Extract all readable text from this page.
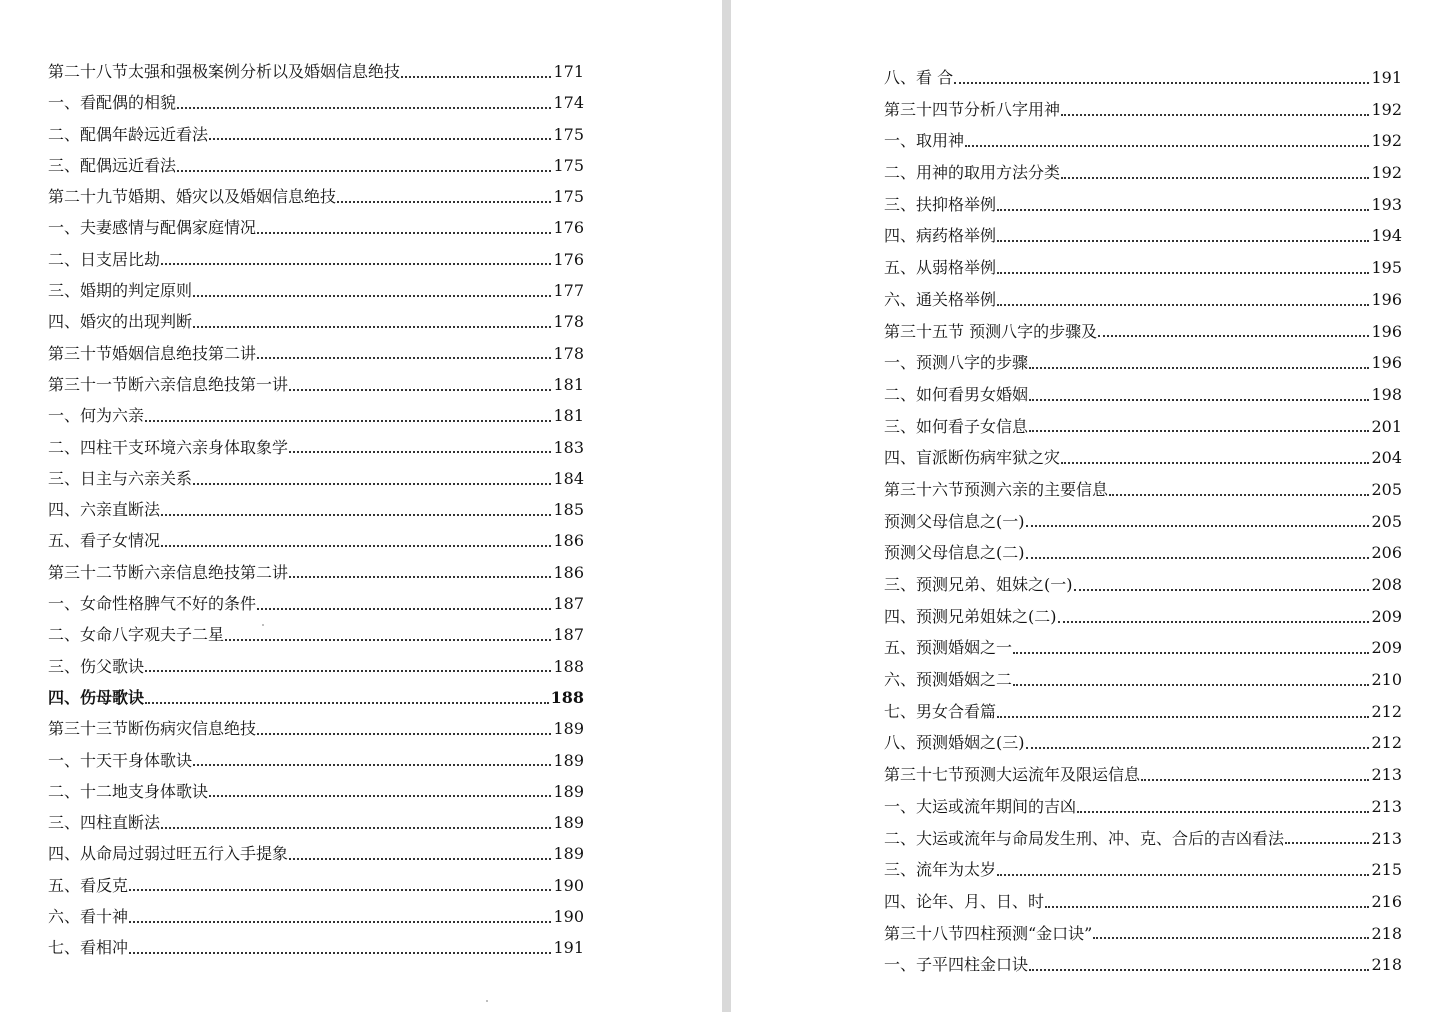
第二十八节太强和强极案例分析以及婚姻信息绝技	171
一、看配偶的相貌	174
二、配偶年龄远近看法	175
三、配偶远近看法	175
第二十九节婚期、婚灾以及婚姻信息绝技	175
一、夫妻感情与配偶家庭情况	176
二、日支居比劫	176
三、婚期的判定原则	177
四、婚灾的出现判断	178
第三十节婚姻信息绝技第二讲	178
第三十一节断六亲信息绝技第一讲	181
一、何为六亲	181
二、四柱干支环境六亲身体取象学	183
三、日主与六亲关系	184
四、六亲直断法	185
五、看子女情况	186
第三十二节断六亲信息绝技第二讲	186
一、女命性格脾气不好的条件	187
二、女命八字观夫子二星	187
三、伤父歌诀	188
四、伤母歌诀	188
第三十三节断伤病灾信息绝技	189
一、十天干身体歌诀	189
二、十二地支身体歌诀	189
三、四柱直断法	189
四、从命局过弱过旺五行入手提象	189
五、看反克	190
六、看十神	190
七、看相冲	191
八、看 合	191
第三十四节分析八字用神	192
一、取用神	192
二、用神的取用方法分类	192
三、扶抑格举例	193
四、病药格举例	194
五、从弱格举例	195
六、通关格举例	196
第三十五节 预测八字的步骤及	196
一、预测八字的步骤	196
二、如何看男女婚姻	198
三、如何看子女信息	201
四、盲派断伤病牢狱之灾	204
第三十六节预测六亲的主要信息	205
预测父母信息之(一)	205
预测父母信息之(二)	206
三、预测兄弟、姐妹之(一)	208
四、预测兄弟姐妹之(二)	209
五、预测婚姻之一	209
六、预测婚姻之二	210
七、男女合看篇	212
八、预测婚姻之(三)	212
第三十七节预测大运流年及限运信息	213
一、大运或流年期间的吉凶	213
二、大运或流年与命局发生刑、冲、克、合后的吉凶看法	213
三、流年为太岁	215
四、论年、月、日、时	216
第三十八节四柱预测“金口诀”	218
一、子平四柱金口诀	218
